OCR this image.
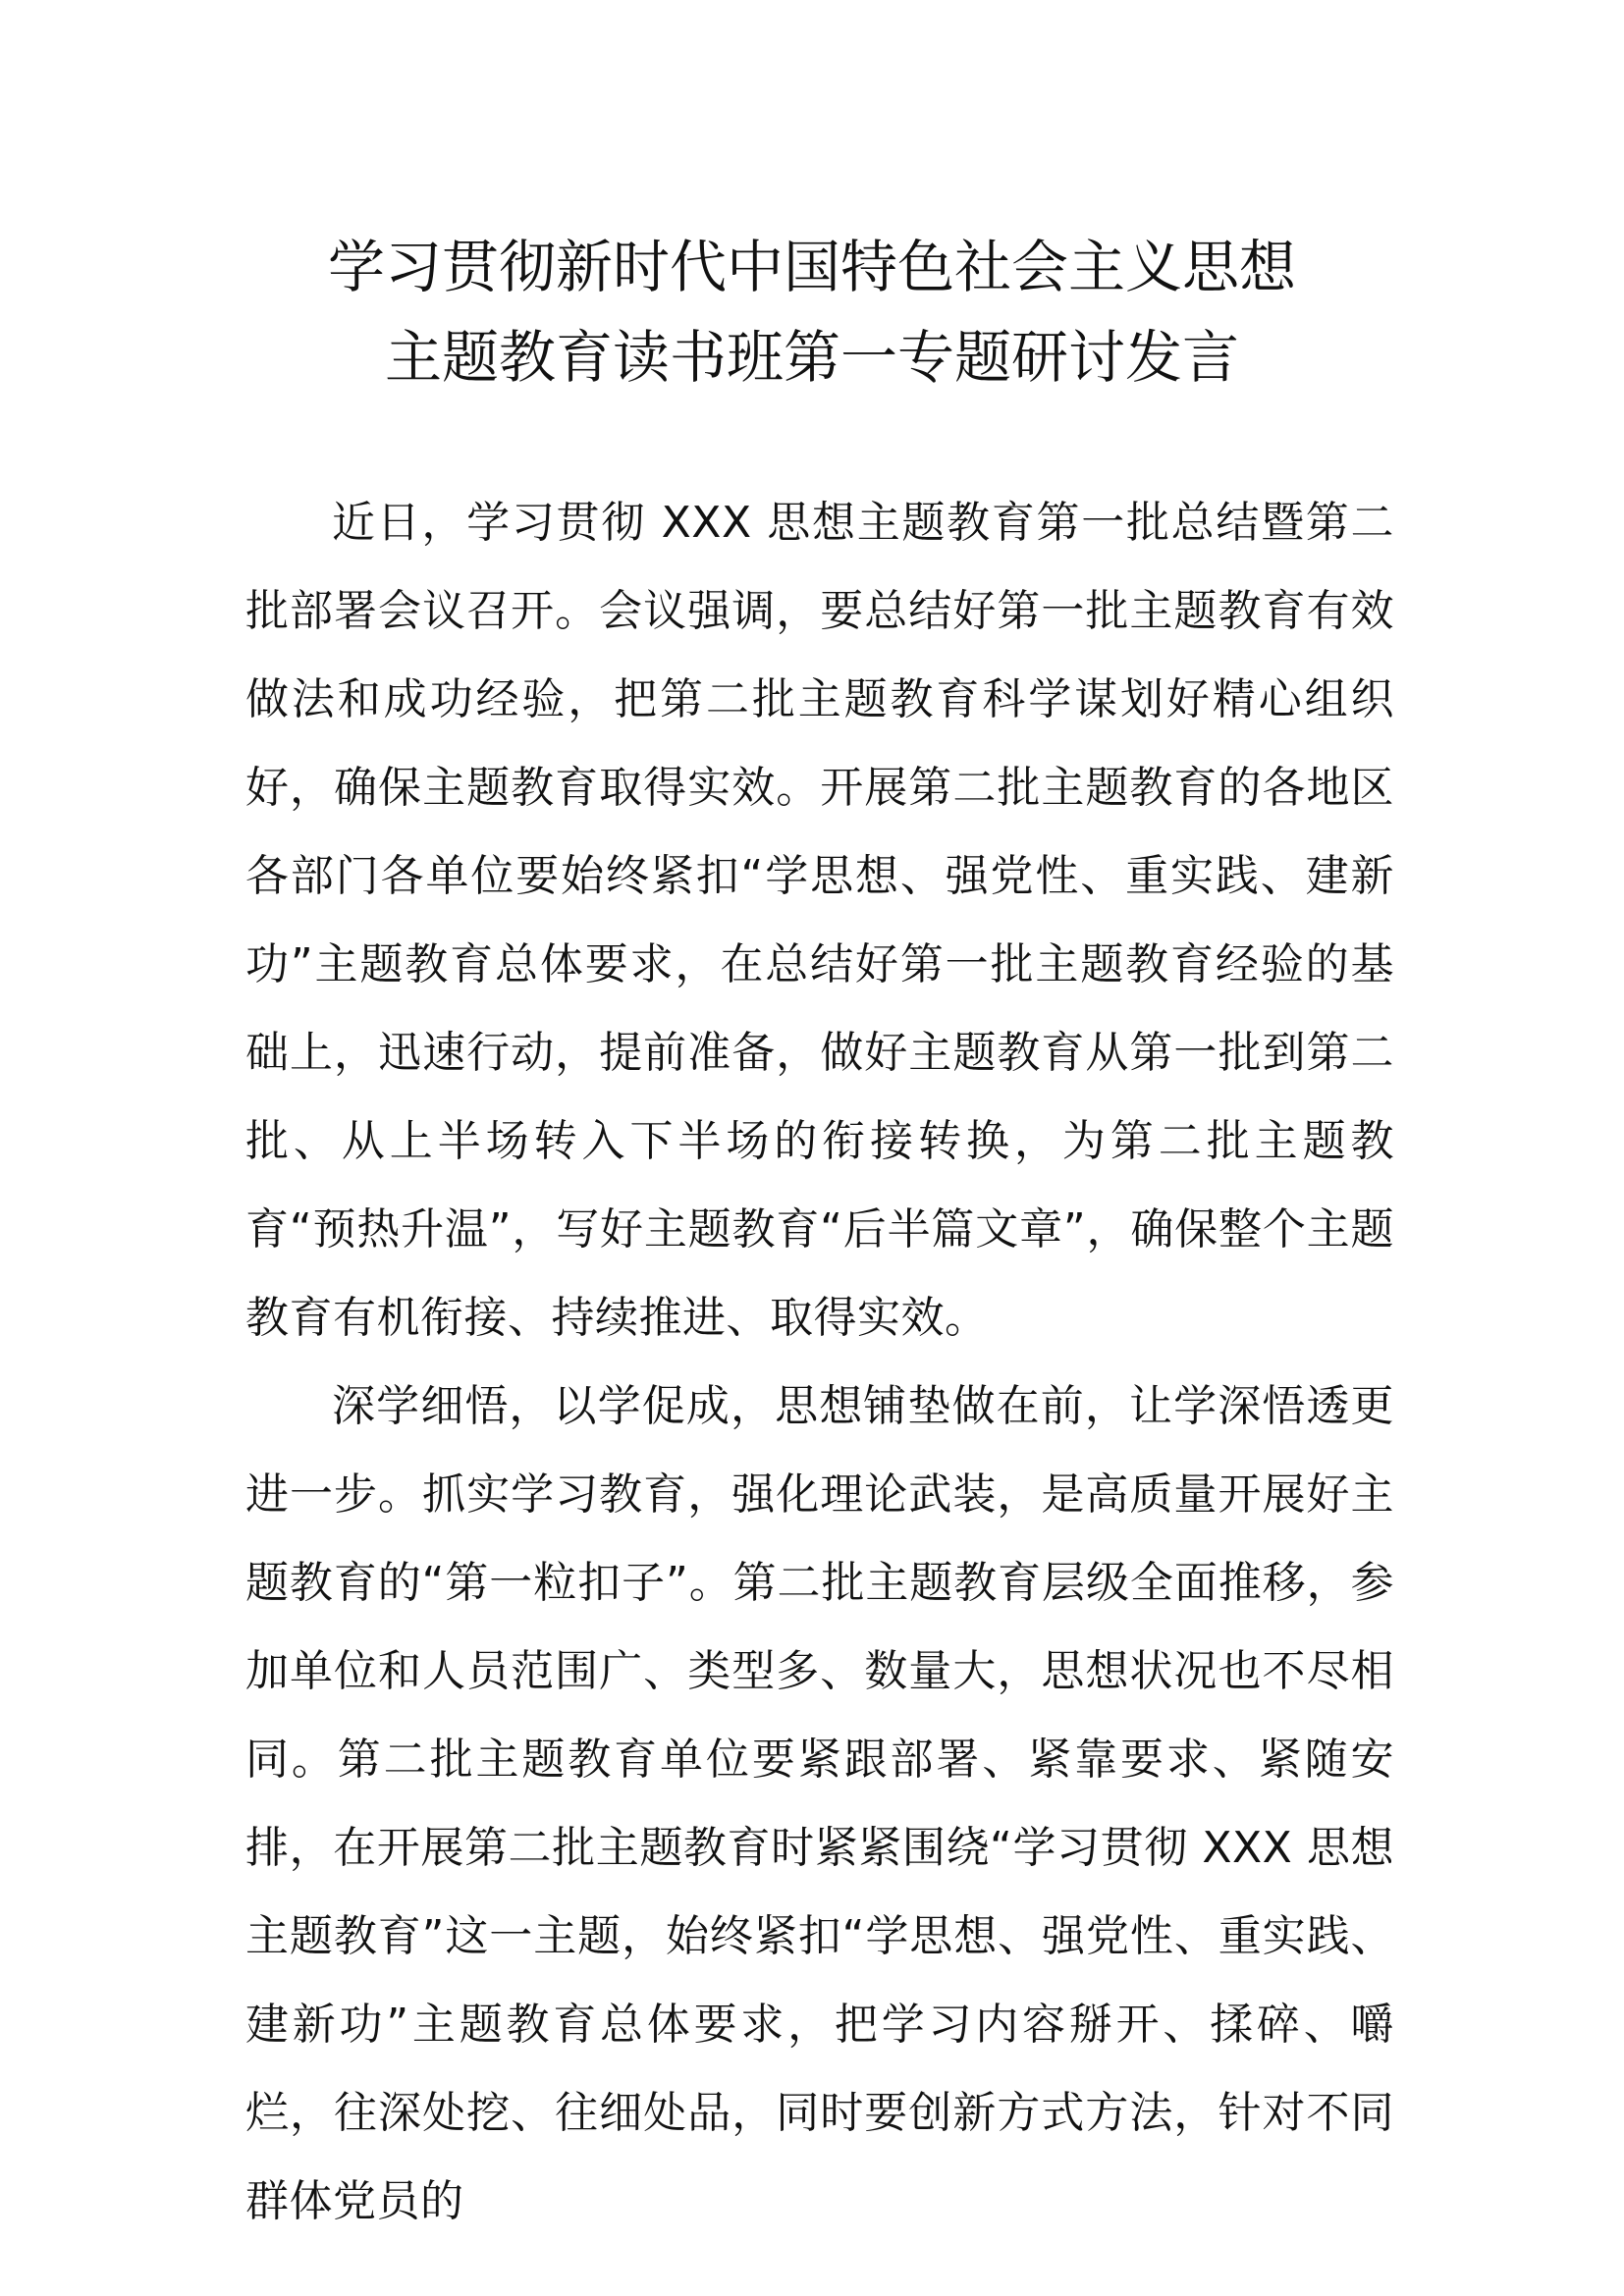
学习贯彻新时代中国特色社会主义思想
主题教育读书班第一专题研讨发言

近日，学习贯彻 XXX 思想主题教育第一批总结暨第二批部署会议召开。会议强调，要总结好第一批主题教育有效做法和成功经验，把第二批主题教育科学谋划好精心组织好，确保主题教育取得实效。开展第二批主题教育的各地区各部门各单位要始终紧扣“学思想、强党性、重实践、建新功”主题教育总体要求，在总结好第一批主题教育经验的基础上，迅速行动，提前准备，做好主题教育从第一批到第二批、从上半场转入下半场的衔接转换，为第二批主题教育“预热升温”，写好主题教育“后半篇文章”，确保整个主题教育有机衔接、持续推进、取得实效。

深学细悟，以学促成，思想铺垫做在前，让学深悟透更进一步。抓实学习教育，强化理论武装，是高质量开展好主题教育的“第一粒扣子”。第二批主题教育层级全面推移，参加单位和人员范围广、类型多、数量大，思想状况也不尽相同。第二批主题教育单位要紧跟部署、紧靠要求、紧随安排，在开展第二批主题教育时紧紧围绕“学习贯彻 XXX 思想主题教育”这一主题，始终紧扣“学思想、强党性、重实践、建新功”主题教育总体要求，把学习内容掰开、揉碎、嚼烂，往深处挖、往细处品，同时要创新方式方法，针对不同群体党员的
